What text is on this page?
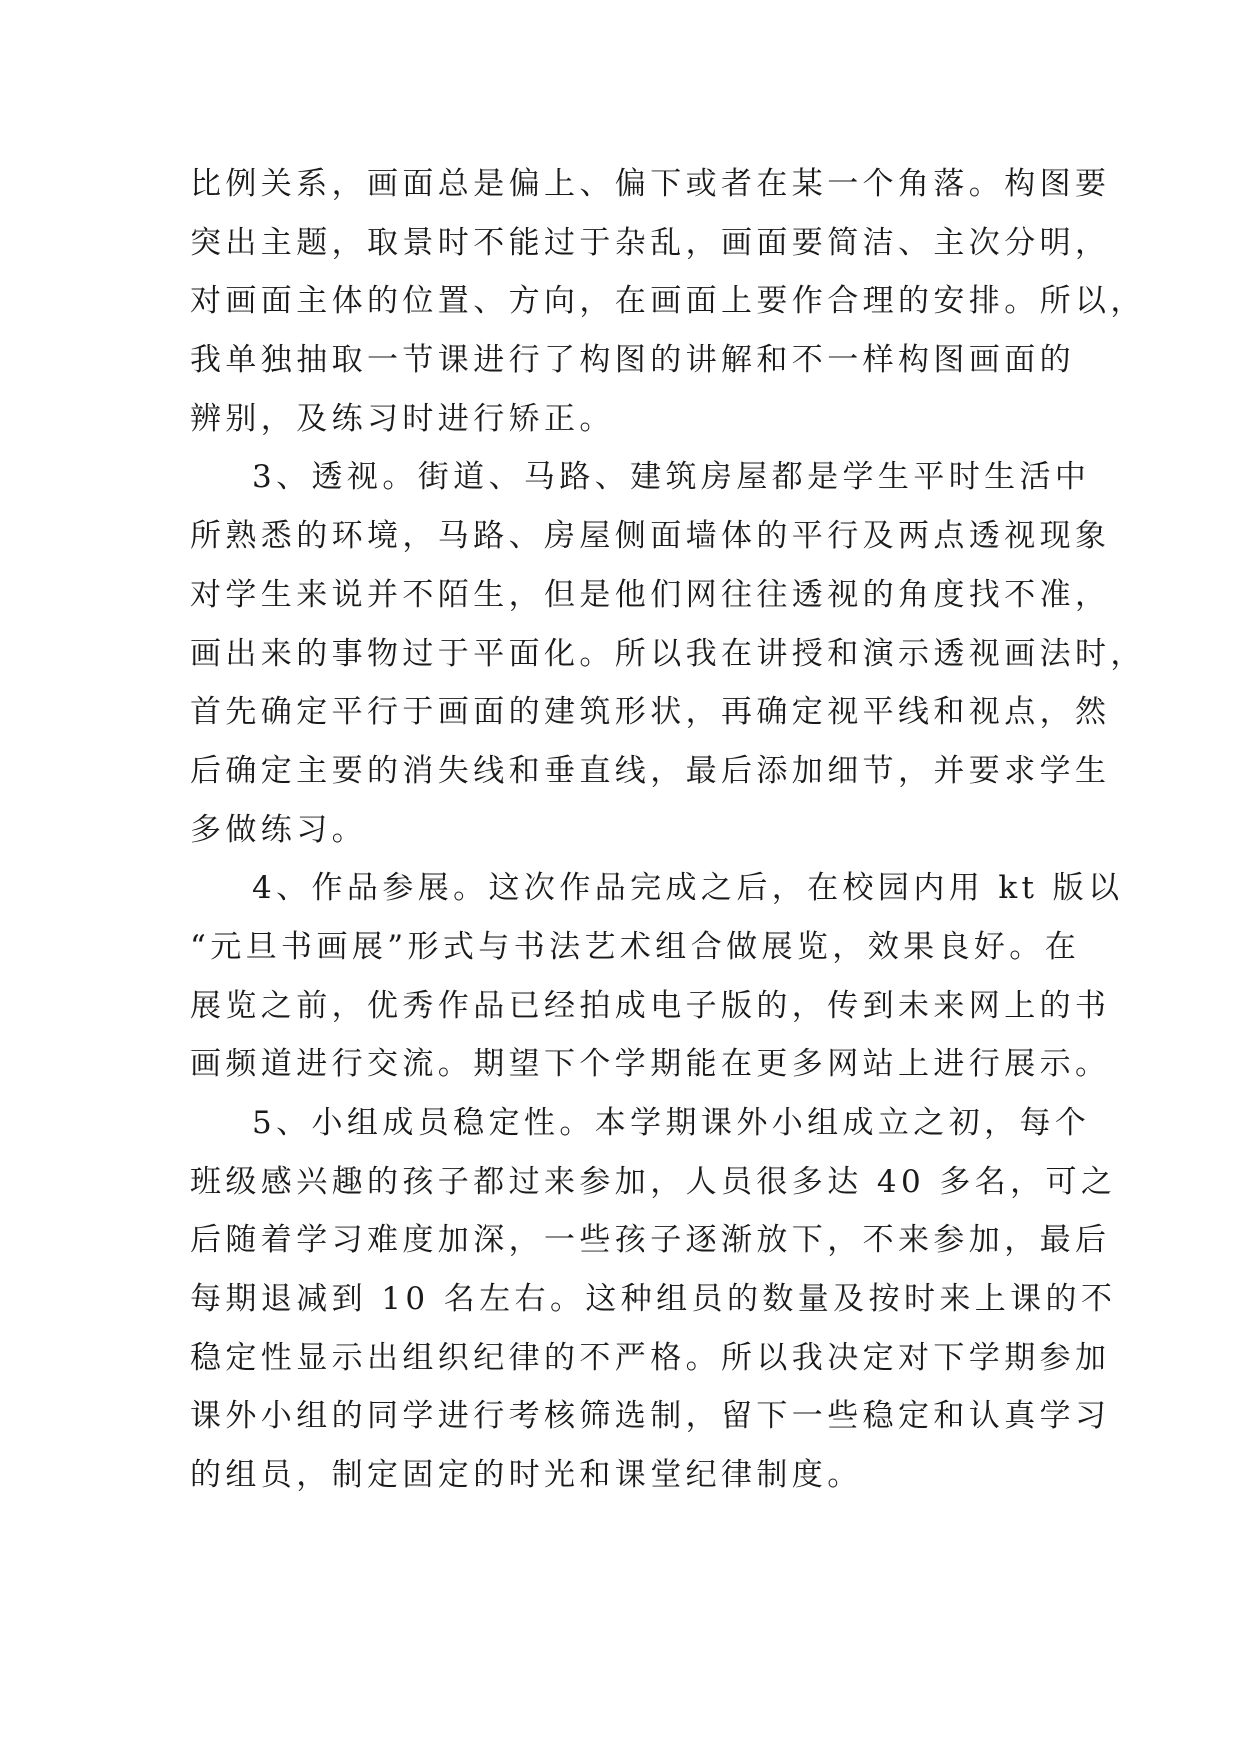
比例关系，画面总是偏上、偏下或者在某一个角落。构图要
突出主题，取景时不能过于杂乱，画面要简洁、主次分明，
对画面主体的位置、方向，在画面上要作合理的安排。所以，
我单独抽取一节课进行了构图的讲解和不一样构图画面的
辨别，及练习时进行矫正。
3、透视。街道、马路、建筑房屋都是学生平时生活中
所熟悉的环境，马路、房屋侧面墙体的平行及两点透视现象
对学生来说并不陌生，但是他们网往往透视的角度找不准，
画出来的事物过于平面化。所以我在讲授和演示透视画法时，
首先确定平行于画面的建筑形状，再确定视平线和视点，然
后确定主要的消失线和垂直线，最后添加细节，并要求学生
多做练习。
4、作品参展。这次作品完成之后，在校园内用 kt 版以
“元旦书画展”形式与书法艺术组合做展览，效果良好。在
展览之前，优秀作品已经拍成电子版的，传到未来网上的书
画频道进行交流。期望下个学期能在更多网站上进行展示。
5、小组成员稳定性。本学期课外小组成立之初，每个
班级感兴趣的孩子都过来参加，人员很多达 40 多名，可之
后随着学习难度加深，一些孩子逐渐放下，不来参加，最后
每期退减到 10 名左右。这种组员的数量及按时来上课的不
稳定性显示出组织纪律的不严格。所以我决定对下学期参加
课外小组的同学进行考核筛选制，留下一些稳定和认真学习
的组员，制定固定的时光和课堂纪律制度。
